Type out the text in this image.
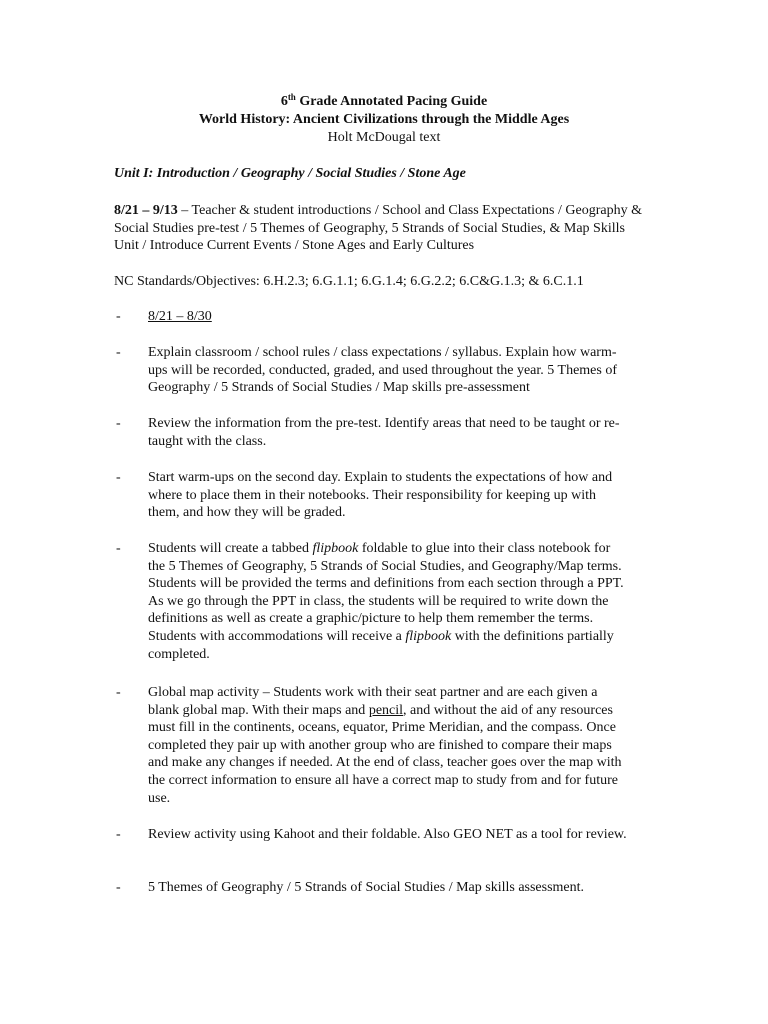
6th Grade Annotated Pacing Guide
World History: Ancient Civilizations through the Middle Ages
Holt McDougal text
Unit I: Introduction / Geography / Social Studies / Stone Age
8/21 – 9/13 – Teacher & student introductions / School and Class Expectations / Geography & Social Studies pre-test / 5 Themes of Geography, 5 Strands of Social Studies, & Map Skills Unit / Introduce Current Events / Stone Ages and Early Cultures
NC Standards/Objectives: 6.H.2.3; 6.G.1.1; 6.G.1.4; 6.G.2.2; 6.C&G.1.3; & 6.C.1.1
- 8/21 – 8/30
- Explain classroom / school rules / class expectations / syllabus. Explain how warm-ups will be recorded, conducted, graded, and used throughout the year. 5 Themes of Geography / 5 Strands of Social Studies / Map skills pre-assessment
- Review the information from the pre-test. Identify areas that need to be taught or re-taught with the class.
- Start warm-ups on the second day. Explain to students the expectations of how and where to place them in their notebooks. Their responsibility for keeping up with them, and how they will be graded.
- Students will create a tabbed flipbook foldable to glue into their class notebook for the 5 Themes of Geography, 5 Strands of Social Studies, and Geography/Map terms. Students will be provided the terms and definitions from each section through a PPT. As we go through the PPT in class, the students will be required to write down the definitions as well as create a graphic/picture to help them remember the terms. Students with accommodations will receive a flipbook with the definitions partially completed.
- Global map activity – Students work with their seat partner and are each given a blank global map. With their maps and pencil, and without the aid of any resources must fill in the continents, oceans, equator, Prime Meridian, and the compass. Once completed they pair up with another group who are finished to compare their maps and make any changes if needed. At the end of class, teacher goes over the map with the correct information to ensure all have a correct map to study from and for future use.
- Review activity using Kahoot and their foldable. Also GEO NET as a tool for review.
- 5 Themes of Geography / 5 Strands of Social Studies / Map skills assessment.
